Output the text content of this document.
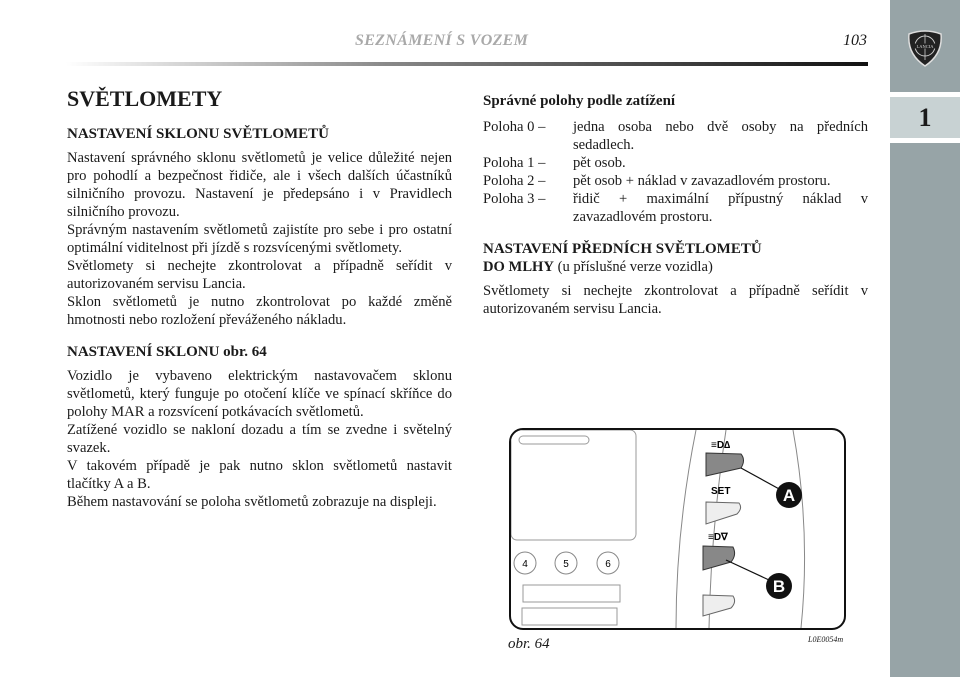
LANCIA
1
SEZNÁMENÍ S VOZEM	103
SVĚTLOMETY
NASTAVENÍ SKLONU SVĚTLOMETŮ

Nastavení správného sklonu světlometů je velice důležité nejen pro pohodlí a bezpečnost řidiče, ale i všech dalších účastníků silničního provozu. Nastavení je předepsáno i v Pravidlech silničního provozu.

Správným nastavením světlometů zajistíte pro sebe i pro ostatní optimální viditelnost při jízdě s rozsvícenými světlomety.

Světlomety si nechejte zkontrolovat a případně seřídit v autorizovaném servisu Lancia.

Sklon světlometů je nutno zkontrolovat po každé změně hmotnosti nebo rozložení převáženého nákladu.

NASTAVENÍ SKLONU obr. 64

Vozidlo je vybaveno elektrickým nastavovačem sklonu světlometů, který funguje po otočení klíče ve spínací skříňce do polohy MAR a rozsvícení potkávacích světlometů.

Zatížené vozidlo se nakloní dozadu a tím se zvedne i světelný svazek.

V takovém případě je pak nutno sklon světlometů nastavit tlačítky A a B.

Během nastavování se poloha světlometů zobrazuje na displeji.

Správné polohy podle zatížení
Poloha 0 –	jedna osoba nebo dvě osoby na předních sedadlech.

Poloha 1 –	pět osob.

Poloha 2 –	pět osob + náklad v zavazadlovém prostoru.

Poloha 3 –	řidič + maximální přípustný náklad v zavazadlovém prostoru.

NASTAVENÍ PŘEDNÍCH SVĚTLOMETŮ
DO MLHY (u příslušné verze vozidla)

Světlomety si nechejte zkontrolovat a případně seřídit v autorizovaném servisu Lancia.

4	5	6
≡D∆
SET
≡D∇
A
B
obr. 64	L0E0054m
